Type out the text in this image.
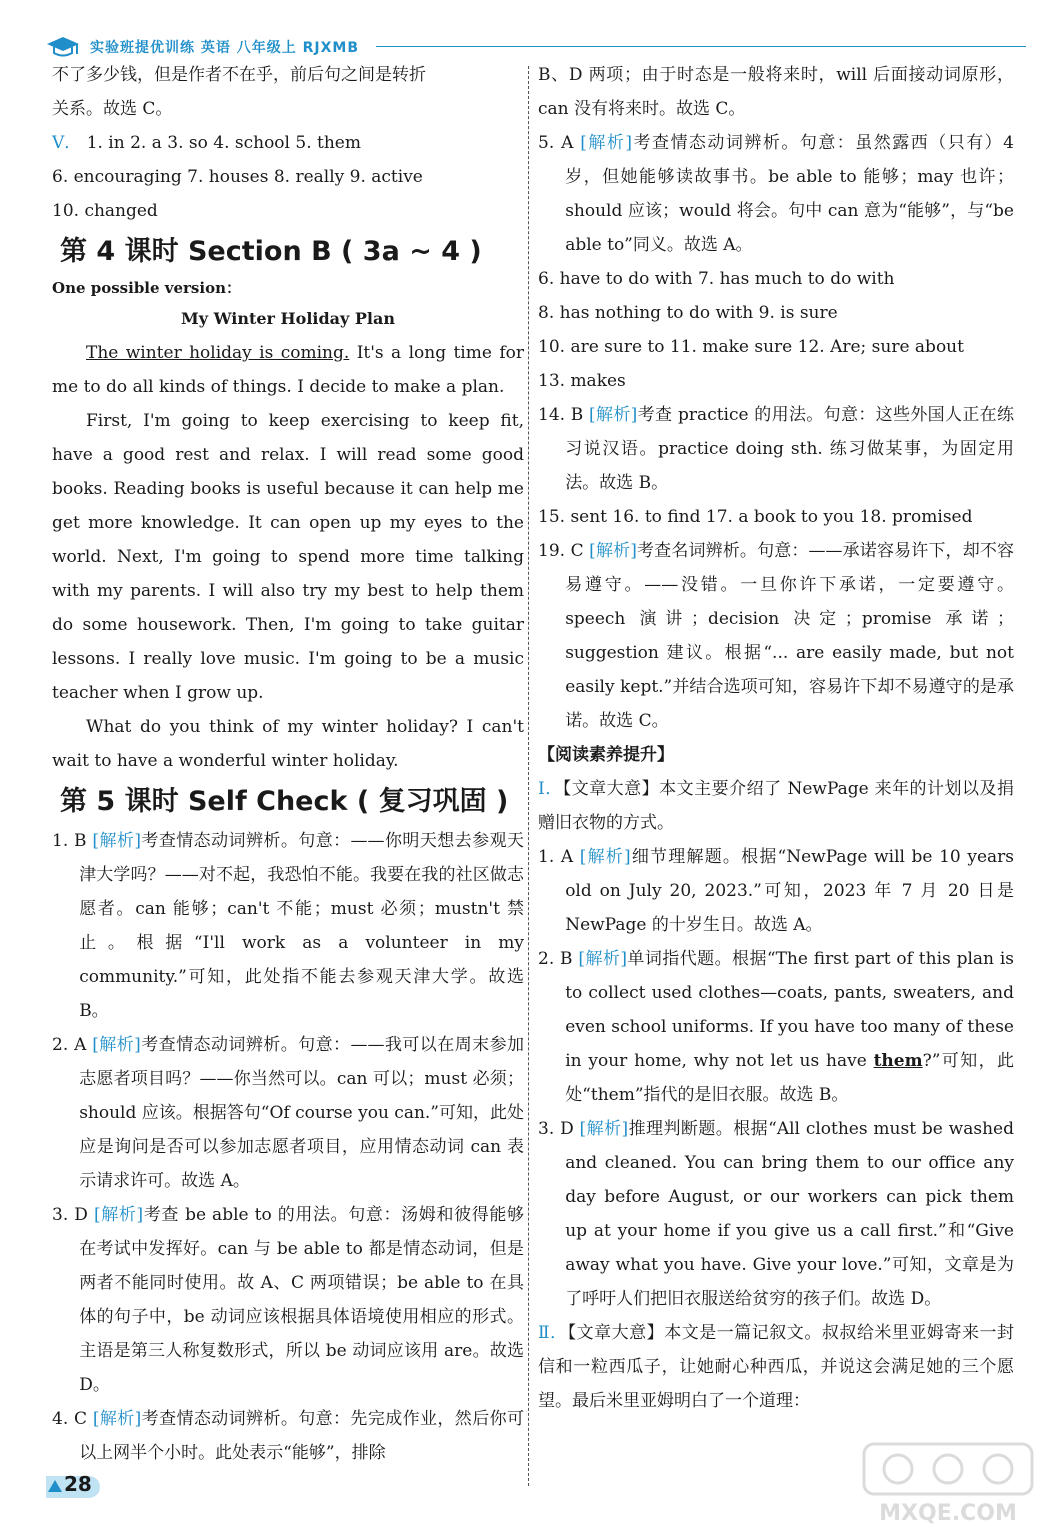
实验班提优训练 英语 八年级上 RJXMB

不了多少钱，但是作者不在乎，前后句之间是转折

关系。故选 C。

V． 1. in 2. a 3. so 4. school 5. them

6. encouraging 7. houses 8. really 9. active

10. changed

第 4 课时 Section B ( 3a ~ 4 )
One possible version：
My Winter Holiday Plan

The winter holiday is coming. It's a long time for me to do all kinds of things. I decide to make a plan.

First, I'm going to keep exercising to keep fit, have a good rest and relax. I will read some good books. Reading books is useful because it can help me get more knowledge. It can open up my eyes to the world. Next, I'm going to spend more time talking with my parents. I will also try my best to help them do some housework. Then, I'm going to take guitar lessons. I really love music. I'm going to be a music teacher when I grow up.

What do you think of my winter holiday? I can't wait to have a wonderful winter holiday.

第 5 课时 Self Check ( 复习巩固 )

1. B [解析]考查情态动词辨析。句意：——你明天想去参观天津大学吗？——对不起，我恐怕不能。我要在我的社区做志愿者。can 能够；can't 不能；must 必须；mustn't 禁止。根据“I'll work as a volunteer in my community.”可知，此处指不能去参观天津大学。故选 B。

2. A [解析]考查情态动词辨析。句意：——我可以在周末参加志愿者项目吗？——你当然可以。can 可以；must 必须；should 应该。根据答句“Of course you can.”可知，此处应是询问是否可以参加志愿者项目，应用情态动词 can 表示请求许可。故选 A。

3. D [解析]考查 be able to 的用法。句意：汤姆和彼得能够在考试中发挥好。can 与 be able to 都是情态动词，但是两者不能同时使用。故 A、C 两项错误；be able to 在具体的句子中，be 动词应该根据具体语境使用相应的形式。主语是第三人称复数形式，所以 be 动词应该用 are。故选 D。

4. C [解析]考查情态动词辨析。句意：先完成作业，然后你可以上网半个小时。此处表示“能够”，排除

B、D 两项；由于时态是一般将来时，will 后面接动词原形，can 没有将来时。故选 C。

5. A [解析]考查情态动词辨析。句意：虽然露西（只有）4 岁，但她能够读故事书。be able to 能够；may 也许；should 应该；would 将会。句中 can 意为“能够”，与“be able to”同义。故选 A。

6. have to do with 7. has much to do with

8. has nothing to do with 9. is sure

10. are sure to 11. make sure 12. Are; sure about

13. makes

14. B [解析]考查 practice 的用法。句意：这些外国人正在练习说汉语。practice doing sth. 练习做某事，为固定用法。故选 B。

15. sent 16. to find 17. a book to you 18. promised

19. C [解析]考查名词辨析。句意：——承诺容易许下，却不容易遵守。——没错。一旦你许下承诺，一定要遵守。speech 演讲；decision 决定；promise 承诺；suggestion 建议。根据“... are easily made, but not easily kept.”并结合选项可知，容易许下却不易遵守的是承诺。故选 C。

【阅读素养提升】

Ⅰ．【文章大意】本文主要介绍了 NewPage 来年的计划以及捐赠旧衣物的方式。

1. A [解析]细节理解题。根据“NewPage will be 10 years old on July 20, 2023.”可知，2023 年 7 月 20 日是 NewPage 的十岁生日。故选 A。

2. B [解析]单词指代题。根据“The first part of this plan is to collect used clothes—coats, pants, sweaters, and even school uniforms. If you have too many of these in your home, why not let us have them?”可知，此处“them”指代的是旧衣服。故选 B。

3. D [解析]推理判断题。根据“All clothes must be washed and cleaned. You can bring them to our office any day before August, or our workers can pick them up at your home if you give us a call first.”和“Give away what you have. Give your love.”可知，文章是为了呼吁人们把旧衣服送给贫穷的孩子们。故选 D。

Ⅱ．【文章大意】本文是一篇记叙文。叔叔给米里亚姆寄来一封信和一粒西瓜子，让她耐心种西瓜，并说这会满足她的三个愿望。最后米里亚姆明白了一个道理：

28
MXQE.COM
